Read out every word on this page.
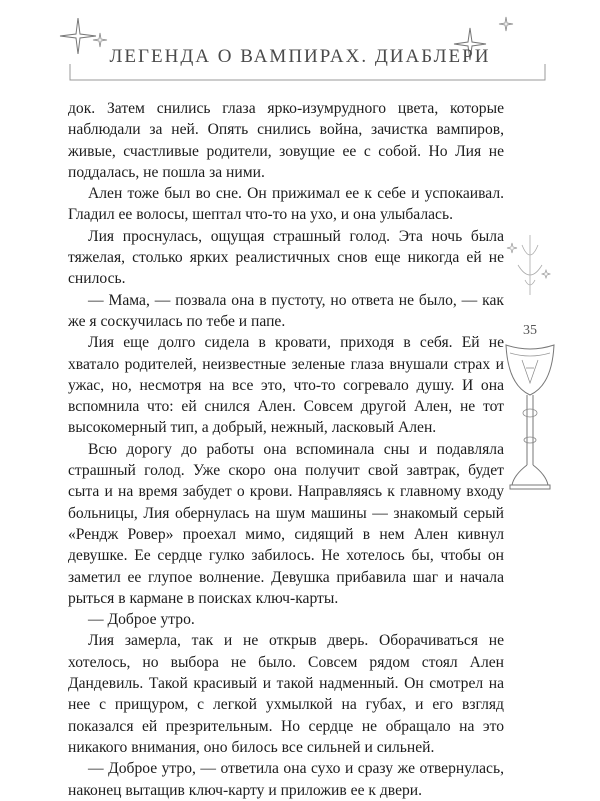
ЛЕГЕНДА О ВАМПИРАХ. ДИАБЛЕРИ

док. Затем снились глаза ярко-изумрудного цвета, которые наблюдали за ней. Опять снились война, зачистка вампиров, живые, счастливые родители, зовущие ее с собой. Но Лия не поддалась, не пошла за ними.

Ален тоже был во сне. Он прижимал ее к себе и успокаивал. Гладил ее волосы, шептал что-то на ухо, и она улыбалась.

Лия проснулась, ощущая страшный голод. Эта ночь была тяжелая, столько ярких реалистичных снов еще никогда ей не снилось.

— Мама, — позвала она в пустоту, но ответа не было, — как же я соскучилась по тебе и папе.

Лия еще долго сидела в кровати, приходя в себя. Ей не хватало родителей, неизвестные зеленые глаза внушали страх и ужас, но, несмотря на все это, что-то согревало душу. И она вспомнила что: ей снился Ален. Совсем другой Ален, не тот высокомерный тип, а добрый, нежный, ласковый Ален.

Всю дорогу до работы она вспоминала сны и подавляла страшный голод. Уже скоро она получит свой завтрак, будет сыта и на время забудет о крови. Направляясь к главному входу больницы, Лия обернулась на шум машины — знакомый серый «Рендж Ровер» проехал мимо, сидящий в нем Ален кивнул девушке. Ее сердце гулко забилось. Не хотелось бы, чтобы он заметил ее глупое волнение. Девушка прибавила шаг и начала рыться в кармане в поисках ключ-карты.

— Доброе утро.

Лия замерла, так и не открыв дверь. Оборачиваться не хотелось, но выбора не было. Совсем рядом стоял Ален Дандевиль. Такой красивый и такой надменный. Он смотрел на нее с прищуром, с легкой ухмылкой на губах, и его взгляд показался ей презрительным. Но сердце не обращало на это никакого внимания, оно билось все сильней и сильней.

— Доброе утро, — ответила она сухо и сразу же отвернулась, наконец вытащив ключ-карту и приложив ее к двери.

35
